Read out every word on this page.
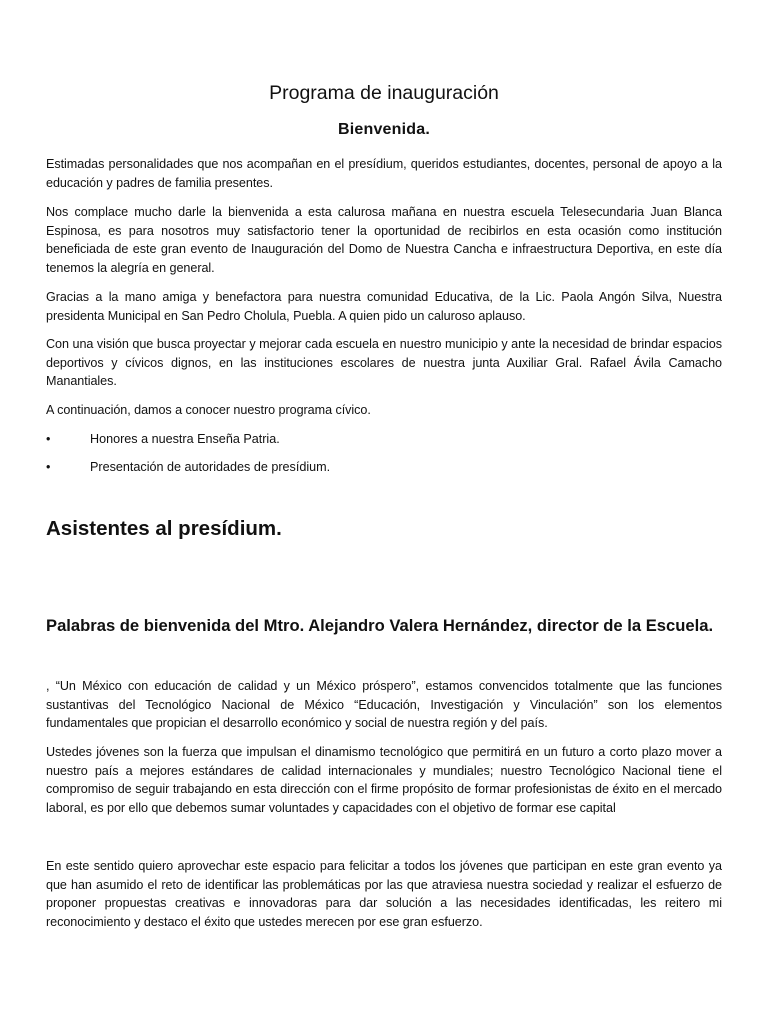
Programa de inauguración
Bienvenida.

Estimadas personalidades que nos acompañan en el presídium, queridos estudiantes, docentes, personal de apoyo a la educación y padres de familia presentes.

Nos complace mucho darle la bienvenida a esta calurosa mañana en nuestra escuela Telesecundaria Juan Blanca Espinosa, es para nosotros muy satisfactorio tener la oportunidad de recibirlos en esta ocasión como institución beneficiada de este gran evento de Inauguración del Domo de Nuestra Cancha e infraestructura Deportiva, en este día tenemos la alegría en general.

Gracias a la mano amiga y benefactora para nuestra comunidad Educativa, de la Lic. Paola Angón Silva, Nuestra presidenta Municipal en San Pedro Cholula, Puebla. A quien pido un caluroso aplauso.

Con una visión que busca proyectar y mejorar cada escuela en nuestro municipio y ante la necesidad de brindar espacios deportivos y cívicos dignos, en las instituciones escolares de nuestra junta Auxiliar Gral. Rafael Ávila Camacho Manantiales.

A continuación, damos a conocer nuestro programa cívico.

•	Honores a nuestra Enseña Patria.
•	Presentación de autoridades de presídium.
Asistentes al presídium.
Palabras de bienvenida del Mtro. Alejandro Valera Hernández, director de la Escuela.

, “Un México con educación de calidad y un México próspero”, estamos convencidos totalmente que las funciones sustantivas del Tecnológico Nacional de México “Educación, Investigación y Vinculación” son los elementos fundamentales que propician el desarrollo económico y social de nuestra región y del país.

Ustedes jóvenes son la fuerza que impulsan el dinamismo tecnológico que permitirá en un futuro a corto plazo mover a nuestro país a mejores estándares de calidad internacionales y mundiales; nuestro Tecnológico Nacional tiene el compromiso de seguir trabajando en esta dirección con el firme propósito de formar profesionistas de éxito en el mercado laboral, es por ello que debemos sumar voluntades y capacidades con el objetivo de formar ese capital

En este sentido quiero aprovechar este espacio para felicitar a todos los jóvenes que participan en este gran evento ya que han asumido el reto de identificar las problemáticas por las que atraviesa nuestra sociedad y realizar el esfuerzo de proponer propuestas creativas e innovadoras para dar solución a las necesidades identificadas, les reitero mi reconocimiento y destaco el éxito que ustedes merecen por ese gran esfuerzo.
